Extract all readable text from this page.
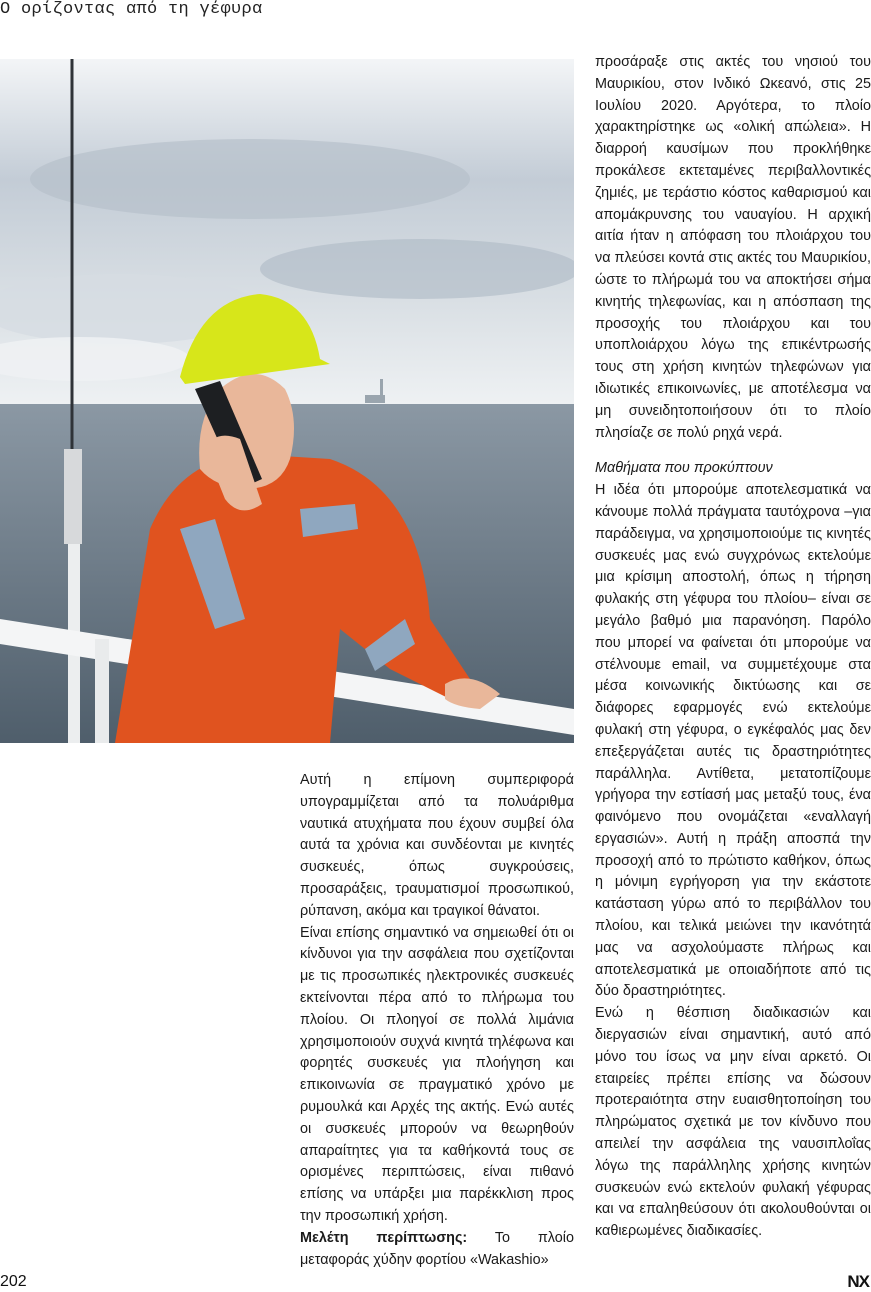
Ο ορίζοντας από τη γέφυρα

Αυτή η επίμονη συμπεριφορά υπογραμμίζεται από τα πολυάριθμα ναυτικά ατυχήματα που έχουν συμβεί όλα αυτά τα χρόνια και συνδέονται με κινητές συσκευές, όπως συγκρούσεις, προσαράξεις, τραυματισμοί προσωπικού, ρύπανση, ακόμα και τραγικοί θάνατοι.

Είναι επίσης σημαντικό να σημειωθεί ότι οι κίνδυνοι για την ασφάλεια που σχετίζονται με τις προσωπικές ηλεκτρονικές συσκευές εκτείνονται πέρα από το πλήρωμα του πλοίου. Οι πλοηγοί σε πολλά λιμάνια χρησιμοποιούν συχνά κινητά τηλέφωνα και φορητές συσκευές για πλοήγηση και επικοινωνία σε πραγματικό χρόνο με ρυμουλκά και Αρχές της ακτής. Ενώ αυτές οι συσκευές μπορούν να θεωρηθούν απαραίτητες για τα καθήκοντά τους σε ορισμένες περιπτώσεις, είναι πιθανό επίσης να υπάρξει μια παρέκκλιση προς την προσωπική χρήση.

Μελέτη περίπτωσης: Το πλοίο μεταφοράς χύδην φορτίου «Wakashio»

προσάραξε στις ακτές του νησιού του Μαυρικίου, στον Ινδικό Ωκεανό, στις 25 Ιουλίου 2020. Αργότερα, το πλοίο χαρακτηρίστηκε ως «ολική απώλεια». Η διαρροή καυσίμων που προκλήθηκε προκάλεσε εκτεταμένες περιβαλλοντικές ζημιές, με τεράστιο κόστος καθαρισμού και απομάκρυνσης του ναυαγίου. Η αρχική αιτία ήταν η απόφαση του πλοιάρχου του να πλεύσει κοντά στις ακτές του Μαυρικίου, ώστε το πλήρωμά του να αποκτήσει σήμα κινητής τηλεφωνίας, και η απόσπαση της προσοχής του πλοιάρχου και του υποπλοιάρχου λόγω της επικέντρωσής τους στη χρήση κινητών τηλεφώνων για ιδιωτικές επικοινωνίες, με αποτέλεσμα να μη συνειδητοποιήσουν ότι το πλοίο πλησίαζε σε πολύ ρηχά νερά.

Μαθήματα που προκύπτουν

Η ιδέα ότι μπορούμε αποτελεσματικά να κάνουμε πολλά πράγματα ταυτόχρονα –για παράδειγμα, να χρησιμοποιούμε τις κινητές συσκευές μας ενώ συγχρόνως εκτελούμε μια κρίσιμη αποστολή, όπως η τήρηση φυλακής στη γέφυρα του πλοίου– είναι σε μεγάλο βαθμό μια παρανόηση. Παρόλο που μπορεί να φαίνεται ότι μπορούμε να στέλνουμε email, να συμμετέχουμε στα μέσα κοινωνικής δικτύωσης και σε διάφορες εφαρμογές ενώ εκτελούμε φυλακή στη γέφυρα, ο εγκέφαλός μας δεν επεξεργάζεται αυτές τις δραστηριότητες παράλληλα. Αντίθετα, μετατοπίζουμε γρήγορα την εστίασή μας μεταξύ τους, ένα φαινόμενο που ονομάζεται «εναλλαγή εργασιών». Αυτή η πράξη αποσπά την προσοχή από το πρώτιστο καθήκον, όπως η μόνιμη εγρήγορση για την εκάστοτε κατάσταση γύρω από το περιβάλλον του πλοίου, και τελικά μειώνει την ικανότητά μας να ασχολούμαστε πλήρως και αποτελεσματικά με οποιαδήποτε από τις δύο δραστηριότητες.

Ενώ η θέσπιση διαδικασιών και διεργασιών είναι σημαντική, αυτό από μόνο του ίσως να μην είναι αρκετό. Οι εταιρείες πρέπει επίσης να δώσουν προτεραιότητα στην ευαισθητοποίηση του πληρώματος σχετικά με τον κίνδυνο που απειλεί την ασφάλεια της ναυσιπλοΐας λόγω της παράλληλης χρήσης κινητών συσκευών ενώ εκτελούν φυλακή γέφυρας και να επαληθεύσουν ότι ακολουθούνται οι καθιερωμένες διαδικασίες.

202	NX
